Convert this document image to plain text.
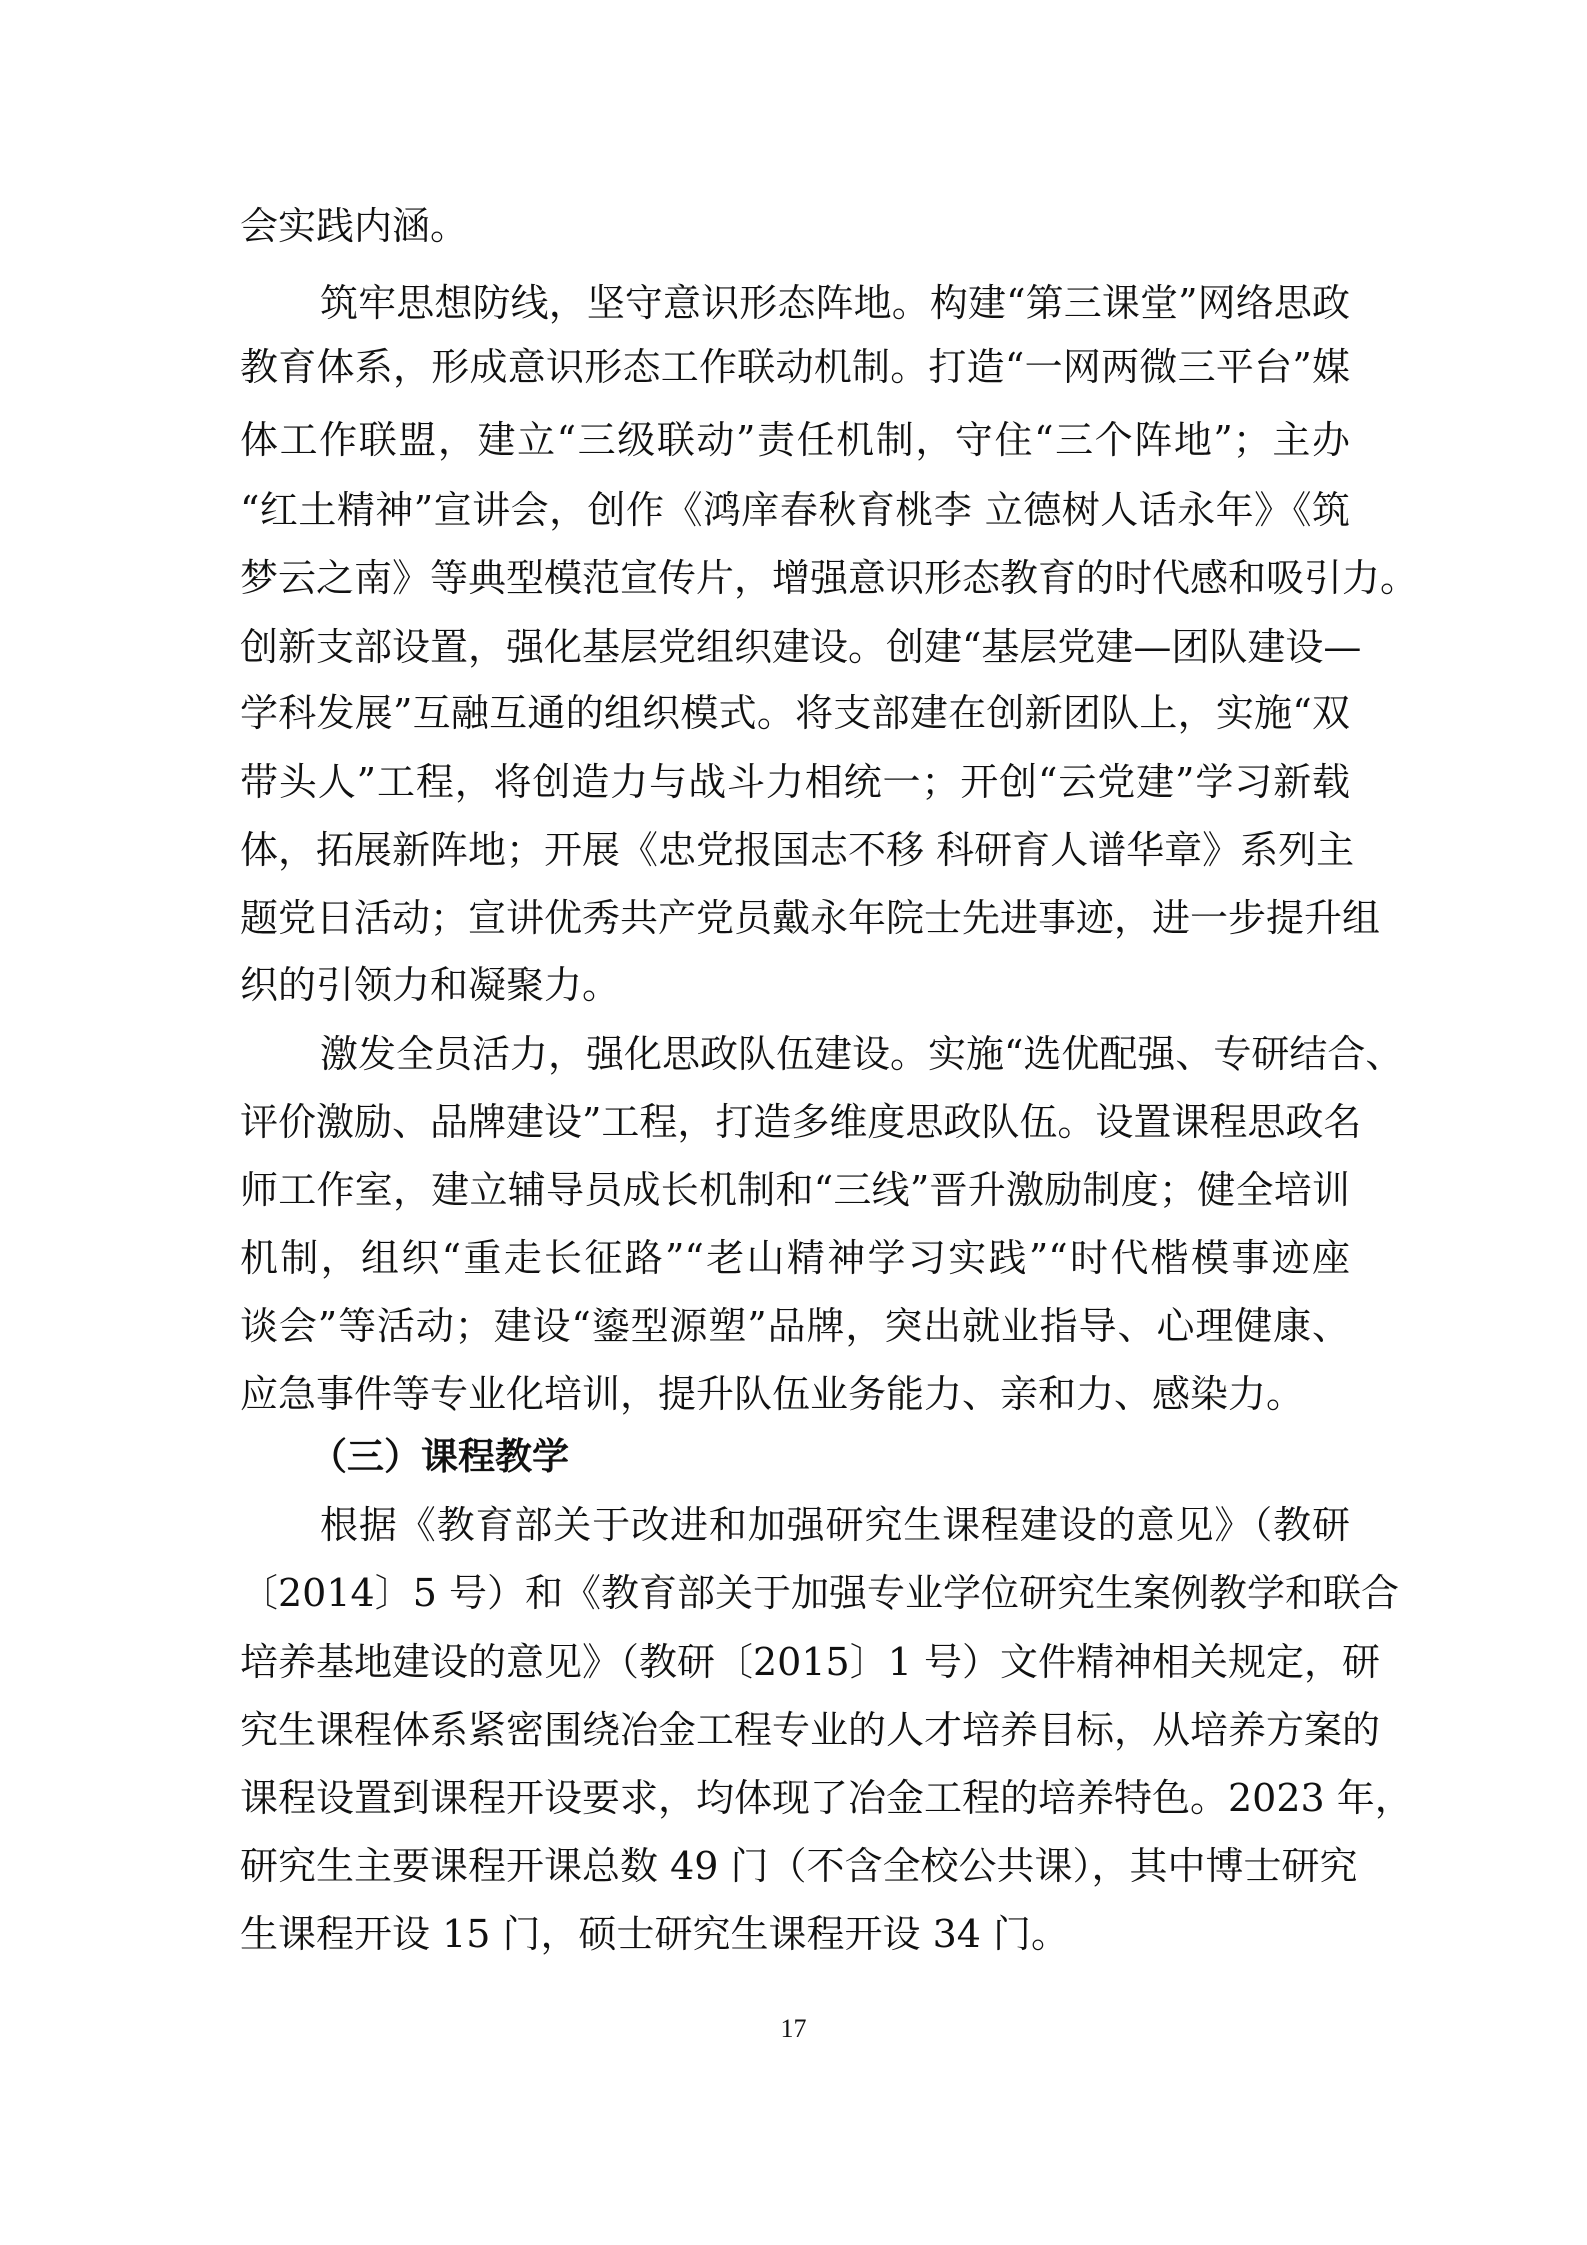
会实践内涵。
筑牢思想防线，坚守意识形态阵地。构建“第三课堂”网络思政
教育体系，形成意识形态工作联动机制。打造“一网两微三平台”媒
体工作联盟，建立“三级联动”责任机制，守住“三个阵地”；主办
“红土精神”宣讲会，创作《鸿庠春秋育桃李 立德树人话永年》《筑
梦云之南》等典型模范宣传片，增强意识形态教育的时代感和吸引力。
创新支部设置，强化基层党组织建设。创建“基层党建—团队建设—
学科发展”互融互通的组织模式。将支部建在创新团队上，实施“双
带头人”工程，将创造力与战斗力相统一；开创“云党建”学习新载
体，拓展新阵地；开展《忠党报国志不移 科研育人谱华章》系列主
题党日活动；宣讲优秀共产党员戴永年院士先进事迹，进一步提升组
织的引领力和凝聚力。
激发全员活力，强化思政队伍建设。实施“选优配强、专研结合、
评价激励、品牌建设”工程，打造多维度思政队伍。设置课程思政名
师工作室，建立辅导员成长机制和“三线”晋升激励制度；健全培训
机制，组织“重走长征路”“老山精神学习实践”“时代楷模事迹座
谈会”等活动；建设“鎏型源塑”品牌，突出就业指导、心理健康、
应急事件等专业化培训，提升队伍业务能力、亲和力、感染力。
（三）课程教学
根据《教育部关于改进和加强研究生课程建设的意见》（教研
〔2014〕5 号）和《教育部关于加强专业学位研究生案例教学和联合
培养基地建设的意见》（教研〔2015〕1 号）文件精神相关规定，研
究生课程体系紧密围绕冶金工程专业的人才培养目标，从培养方案的
课程设置到课程开设要求，均体现了冶金工程的培养特色。2023 年，
研究生主要课程开课总数 49 门（不含全校公共课），其中博士研究
生课程开设 15 门，硕士研究生课程开设 34 门。
17
